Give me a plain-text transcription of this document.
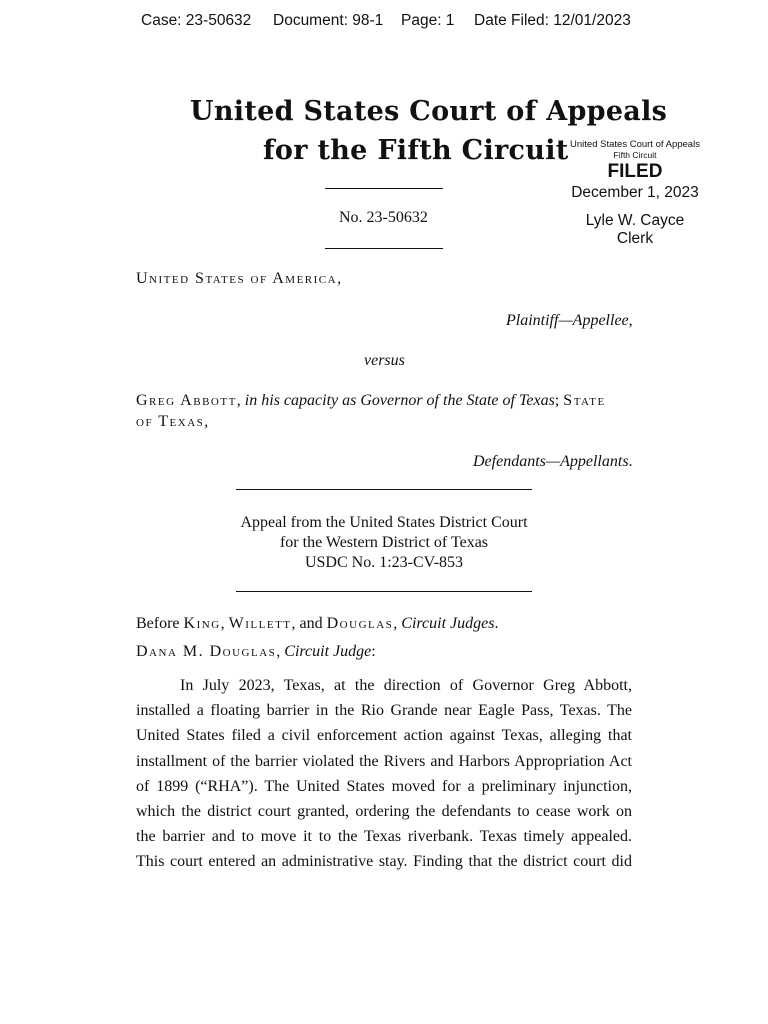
Case: 23-50632 Document: 98-1 Page: 1 Date Filed: 12/01/2023
United States Court of Appeals
for the Fifth Circuit United States Court of Appeals
Fifth Circuit
FILED
December 1, 2023
Lyle W. Cayce
Clerk
No. 23-50632
United States of America,
Plaintiff—Appellee,
versus
Greg Abbott, in his capacity as Governor of the State of Texas; State
of Texas,
Defendants—Appellants.
Appeal from the United States District Court
for the Western District of Texas
USDC No. 1:23-CV-853
Before King, Willett, and Douglas, Circuit Judges.
Dana M. Douglas, Circuit Judge:
In July 2023, Texas, at the direction of Governor Greg Abbott,
installed a floating barrier in the Rio Grande near Eagle Pass, Texas. The
United States filed a civil enforcement action against Texas, alleging that
installment of the barrier violated the Rivers and Harbors Appropriation Act
of 1899 (“RHA”). The United States moved for a preliminary injunction,
which the district court granted, ordering the defendants to cease work on
the barrier and to move it to the Texas riverbank. Texas timely appealed.
This court entered an administrative stay. Finding that the district court did
